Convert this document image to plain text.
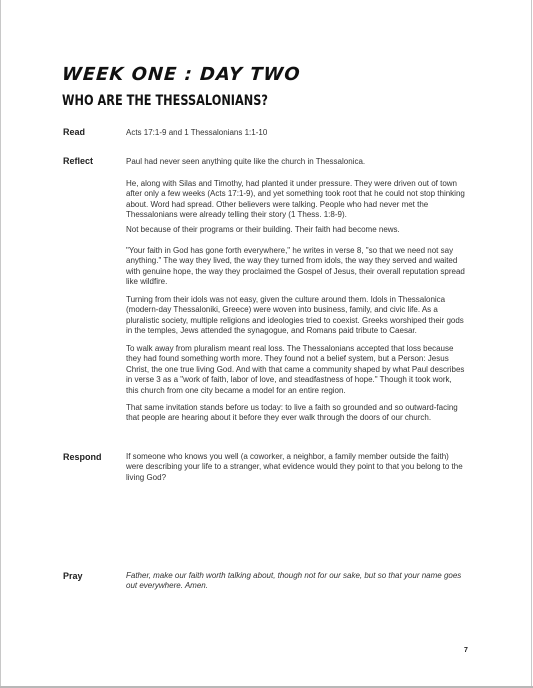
WEEK ONE : DAY TWO
WHO ARE THE THESSALONIANS?

Read	Acts 17:1-9 and 1 Thessalonians 1:1-10

Reflect	Paul had never seen anything quite like the church in Thessalonica.

He, along with Silas and Timothy, had planted it under pressure. They were driven out of town after only a few weeks (Acts 17:1-9), and yet something took root that he could not stop thinking about. Word had spread. Other believers were talking. People who had never met the Thessalonians were already telling their story (1 Thess. 1:8-9).

Not because of their programs or their building. Their faith had become news.

"Your faith in God has gone forth everywhere," he writes in verse 8, "so that we need not say anything." The way they lived, the way they turned from idols, the way they served and waited with genuine hope, the way they proclaimed the Gospel of Jesus, their overall reputation spread like wildfire.

Turning from their idols was not easy, given the culture around them. Idols in Thessalonica (modern-day Thessaloniki, Greece) were woven into business, family, and civic life. As a pluralistic society, multiple religions and ideologies tried to coexist. Greeks worshiped their gods in the temples, Jews attended the synagogue, and Romans paid tribute to Caesar.

To walk away from pluralism meant real loss. The Thessalonians accepted that loss because they had found something worth more. They found not a belief system, but a Person: Jesus Christ, the one true living God. And with that came a community shaped by what Paul describes in verse 3 as a "work of faith, labor of love, and steadfastness of hope." Though it took work, this church from one city became a model for an entire region.

That same invitation stands before us today: to live a faith so grounded and so outward-facing that people are hearing about it before they ever walk through the doors of our church.

Respond	If someone who knows you well (a coworker, a neighbor, a family member outside the faith) were describing your life to a stranger, what evidence would they point to that you belong to the living God?

Pray	Father, make our faith worth talking about, though not for our sake, but so that your name goes out everywhere. Amen.

7
